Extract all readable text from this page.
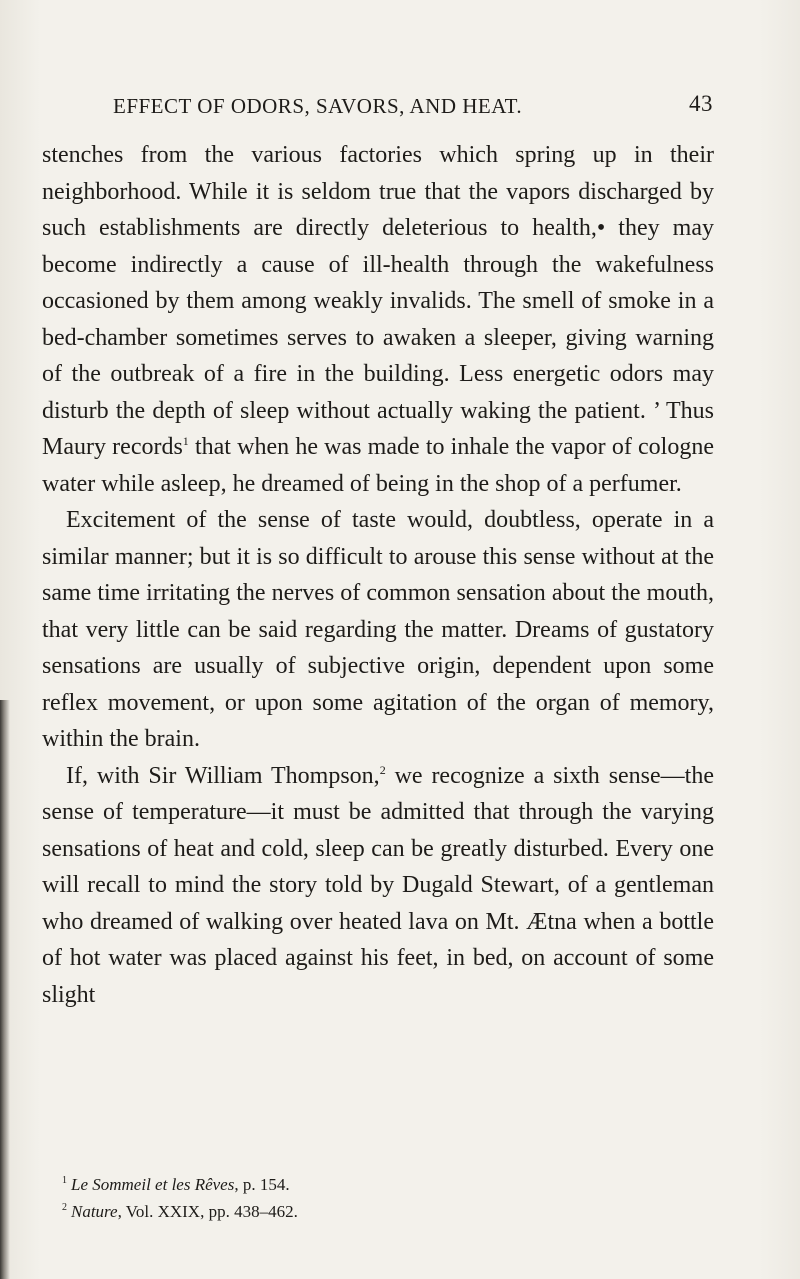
EFFECT OF ODORS, SAVORS, AND HEAT.	43

stenches from the various factories which spring up in their neighborhood. While it is seldom true that the vapors discharged by such establishments are directly deleterious to health,• they may become indirectly a cause of ill-health through the wakefulness occasioned by them among weakly invalids. The smell of smoke in a bed-chamber sometimes serves to awaken a sleeper, giving warning of the outbreak of a fire in the building. Less energetic odors may disturb the depth of sleep without actually waking the patient. ’ Thus Maury records$^1$ that when he was made to inhale the vapor of cologne water while asleep, he dreamed of being in the shop of a perfumer.

Excitement of the sense of taste would, doubtless, operate in a similar manner; but it is so difficult to arouse this sense without at the same time irritating the nerves of common sensation about the mouth, that very little can be said regarding the matter. Dreams of gustatory sensations are usually of subjective origin, dependent upon some reflex movement, or upon some agitation of the organ of memory, within the brain.

If, with Sir William Thompson,$^2$ we recognize a sixth sense—the sense of temperature—it must be admitted that through the varying sensations of heat and cold, sleep can be greatly disturbed. Every one will recall to mind the story told by Dugald Stewart, of a gentleman who dreamed of walking over heated lava on Mt. Ætna when a bottle of hot water was placed against his feet, in bed, on account of some slight

$^1$ Le Sommeil et les Rêves, p. 154.

$^2$ Nature, Vol. XXIX, pp. 438–462.
